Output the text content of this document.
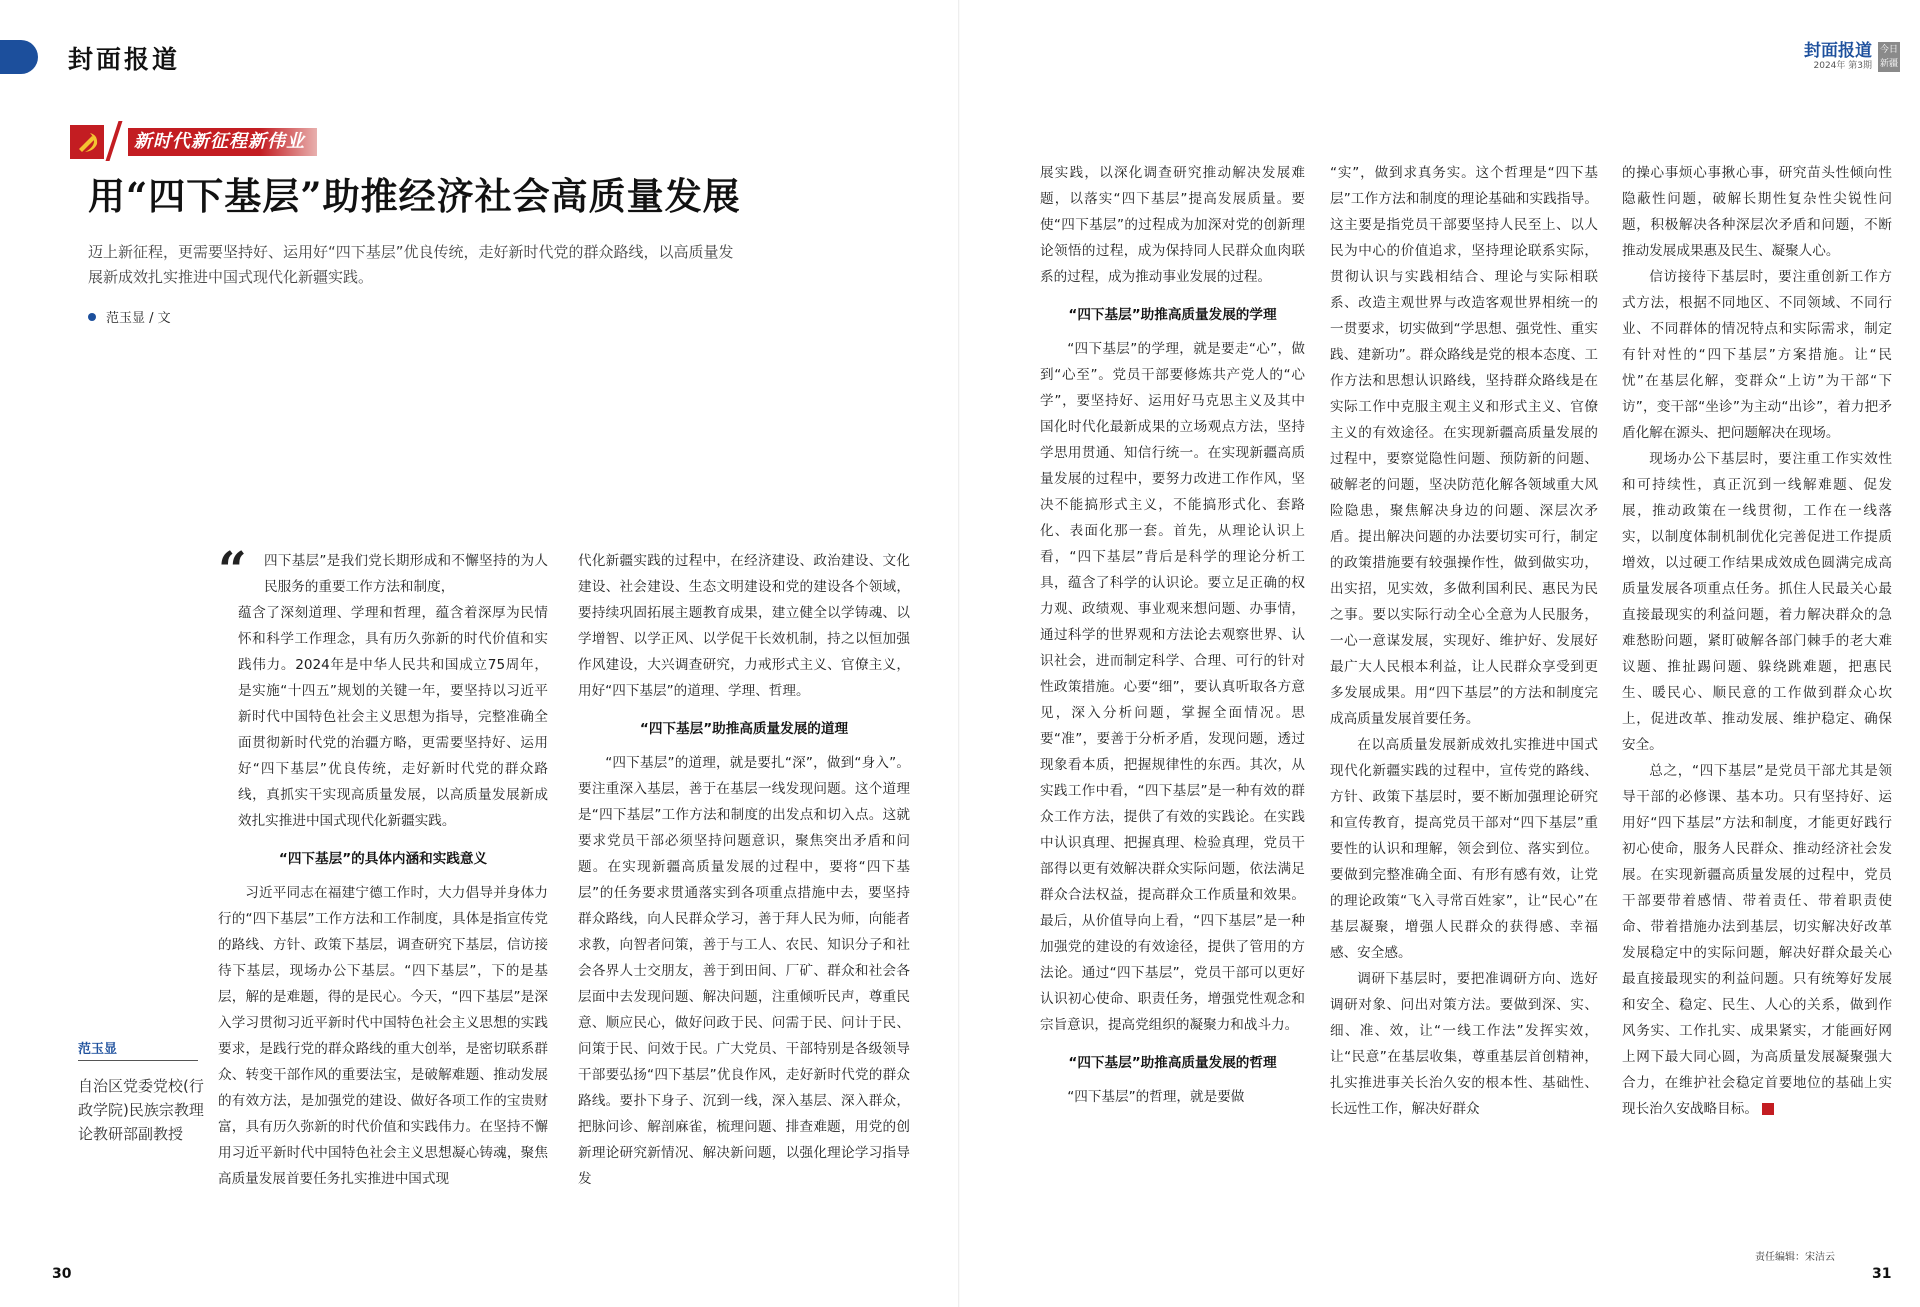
封面报道
新时代新征程新伟业
用“四下基层”助推经济社会高质量发展

迈上新征程，更需要坚持好、运用好“四下基层”优良传统，走好新时代党的群众路线，以高质量发展新成效扎实推进中国式现代化新疆实践。

范玉显 / 文
范玉显
自治区党委党校(行政学院)民族宗教理论教研部副教授
“	四下基层”是我们党长期形成和不懈坚持的为人民服务的重要工作方法和制度，

蕴含了深刻道理、学理和哲理，蕴含着深厚为民情怀和科学工作理念，具有历久弥新的时代价值和实践伟力。2024年是中华人民共和国成立75周年，是实施“十四五”规划的关键一年，要坚持以习近平新时代中国特色社会主义思想为指导，完整准确全面贯彻新时代党的治疆方略，更需要坚持好、运用好“四下基层”优良传统，走好新时代党的群众路线，真抓实干实现高质量发展，以高质量发展新成效扎实推进中国式现代化新疆实践。

“四下基层”的具体内涵和实践意义

习近平同志在福建宁德工作时，大力倡导并身体力行的“四下基层”工作方法和工作制度，具体是指宣传党的路线、方针、政策下基层，调查研究下基层，信访接待下基层，现场办公下基层。“四下基层”，下的是基层，解的是难题，得的是民心。今天，“四下基层”是深入学习贯彻习近平新时代中国特色社会主义思想的实践要求，是践行党的群众路线的重大创举，是密切联系群众、转变干部作风的重要法宝，是破解难题、推动发展的有效方法，是加强党的建设、做好各项工作的宝贵财富，具有历久弥新的时代价值和实践伟力。在坚持不懈用习近平新时代中国特色社会主义思想凝心铸魂，聚焦高质量发展首要任务扎实推进中国式现

代化新疆实践的过程中，在经济建设、政治建设、文化建设、社会建设、生态文明建设和党的建设各个领域，要持续巩固拓展主题教育成果，建立健全以学铸魂、以学增智、以学正风、以学促干长效机制，持之以恒加强作风建设，大兴调查研究，力戒形式主义、官僚主义，用好“四下基层”的道理、学理、哲理。

“四下基层”助推高质量发展的道理

“四下基层”的道理，就是要扎“深”，做到“身入”。要注重深入基层，善于在基层一线发现问题。这个道理是“四下基层”工作方法和制度的出发点和切入点。这就要求党员干部必须坚持问题意识，聚焦突出矛盾和问题。在实现新疆高质量发展的过程中，要将“四下基层”的任务要求贯通落实到各项重点措施中去，要坚持群众路线，向人民群众学习，善于拜人民为师，向能者求教，向智者问策，善于与工人、农民、知识分子和社会各界人士交朋友，善于到田间、厂矿、群众和社会各层面中去发现问题、解决问题，注重倾听民声，尊重民意、顺应民心，做好问政于民、问需于民、问计于民、问策于民、问效于民。广大党员、干部特别是各级领导干部要弘扬“四下基层”优良作风，走好新时代党的群众路线。要扑下身子、沉到一线，深入基层、深入群众，把脉问诊、解剖麻雀，梳理问题、排查难题，用党的创新理论研究新情况、解决新问题，以强化理论学习指导发

30
封面报道
2024年 第3期
今日新疆

展实践，以深化调查研究推动解决发展难题，以落实“四下基层”提高发展质量。要使“四下基层”的过程成为加深对党的创新理论领悟的过程，成为保持同人民群众血肉联系的过程，成为推动事业发展的过程。

“四下基层”助推高质量发展的学理

“四下基层”的学理，就是要走“心”，做到“心至”。党员干部要修炼共产党人的“心学”，要坚持好、运用好马克思主义及其中国化时代化最新成果的立场观点方法，坚持学思用贯通、知信行统一。在实现新疆高质量发展的过程中，要努力改进工作作风，坚决不能搞形式主义，不能搞形式化、套路化、表面化那一套。首先，从理论认识上看，“四下基层”背后是科学的理论分析工具，蕴含了科学的认识论。要立足正确的权力观、政绩观、事业观来想问题、办事情，通过科学的世界观和方法论去观察世界、认识社会，进而制定科学、合理、可行的针对性政策措施。心要“细”，要认真听取各方意见，深入分析问题，掌握全面情况。思要“准”，要善于分析矛盾，发现问题，透过现象看本质，把握规律性的东西。其次，从实践工作中看，“四下基层”是一种有效的群众工作方法，提供了有效的实践论。在实践中认识真理、把握真理、检验真理，党员干部得以更有效解决群众实际问题，依法满足群众合法权益，提高群众工作质量和效果。最后，从价值导向上看，“四下基层”是一种加强党的建设的有效途径，提供了管用的方法论。通过“四下基层”，党员干部可以更好认识初心使命、职责任务，增强党性观念和宗旨意识，提高党组织的凝聚力和战斗力。

“四下基层”助推高质量发展的哲理

“四下基层”的哲理，就是要做

“实”，做到求真务实。这个哲理是“四下基层”工作方法和制度的理论基础和实践指导。这主要是指党员干部要坚持人民至上、以人民为中心的价值追求，坚持理论联系实际，贯彻认识与实践相结合、理论与实际相联系、改造主观世界与改造客观世界相统一的一贯要求，切实做到“学思想、强党性、重实践、建新功”。群众路线是党的根本态度、工作方法和思想认识路线，坚持群众路线是在实际工作中克服主观主义和形式主义、官僚主义的有效途径。在实现新疆高质量发展的过程中，要察觉隐性问题、预防新的问题、破解老的问题，坚决防范化解各领域重大风险隐患，聚焦解决身边的问题、深层次矛盾。提出解决问题的办法要切实可行，制定的政策措施要有较强操作性，做到做实功，出实招，见实效，多做利国利民、惠民为民之事。要以实际行动全心全意为人民服务，一心一意谋发展，实现好、维护好、发展好最广大人民根本利益，让人民群众享受到更多发展成果。用“四下基层”的方法和制度完成高质量发展首要任务。

在以高质量发展新成效扎实推进中国式现代化新疆实践的过程中，宣传党的路线、方针、政策下基层时，要不断加强理论研究和宣传教育，提高党员干部对“四下基层”重要性的认识和理解，领会到位、落实到位。要做到完整准确全面、有形有感有效，让党的理论政策“飞入寻常百姓家”，让“民心”在基层凝聚，增强人民群众的获得感、幸福感、安全感。

调研下基层时，要把准调研方向、选好调研对象、问出对策方法。要做到深、实、细、准、效，让“一线工作法”发挥实效，让“民意”在基层收集，尊重基层首创精神，扎实推进事关长治久安的根本性、基础性、长远性工作，解决好群众

的操心事烦心事揪心事，研究苗头性倾向性隐蔽性问题，破解长期性复杂性尖锐性问题，积极解决各种深层次矛盾和问题，不断推动发展成果惠及民生、凝聚人心。

信访接待下基层时，要注重创新工作方式方法，根据不同地区、不同领域、不同行业、不同群体的情况特点和实际需求，制定有针对性的“四下基层”方案措施。让“民忧”在基层化解，变群众“上访”为干部“下访”，变干部“坐诊”为主动“出诊”，着力把矛盾化解在源头、把问题解决在现场。

现场办公下基层时，要注重工作实效性和可持续性，真正沉到一线解难题、促发展，推动政策在一线贯彻，工作在一线落实，以制度体制机制优化完善促进工作提质增效，以过硬工作结果成效成色圆满完成高质量发展各项重点任务。抓住人民最关心最直接最现实的利益问题，着力解决群众的急难愁盼问题，紧盯破解各部门棘手的老大难议题、推扯踢问题、躲绕跳难题，把惠民生、暖民心、顺民意的工作做到群众心坎上，促进改革、推动发展、维护稳定、确保安全。

总之，“四下基层”是党员干部尤其是领导干部的必修课、基本功。只有坚持好、运用好“四下基层”方法和制度，才能更好践行初心使命，服务人民群众、推动经济社会发展。在实现新疆高质量发展的过程中，党员干部要带着感情、带着责任、带着职责使命、带着措施办法到基层，切实解决好改革发展稳定中的实际问题，解决好群众最关心最直接最现实的利益问题。只有统筹好发展和安全、稳定、民生、人心的关系，做到作风务实、工作扎实、成果紧实，才能画好网上网下最大同心圆，为高质量发展凝聚强大合力，在维护社会稳定首要地位的基础上实现长治久安战略目标。	J

责任编辑：宋洁云
31
